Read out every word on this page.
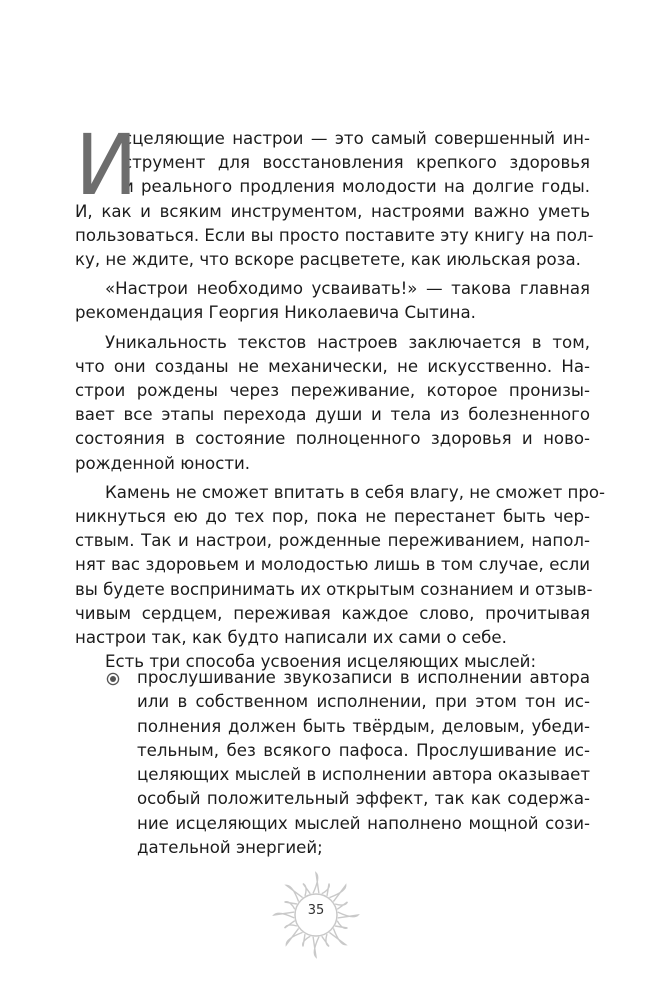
И
сцеляющие настрои — это самый совершенный ин-
струмент для восстановления крепкого здоровья
и реального продления молодости на долгие годы.
И, как и всяким инструментом, настроями важно уметь
пользоваться. Если вы просто поставите эту книгу на пол-
ку, не ждите, что вскоре расцветете, как июльская роза.
«Настрои необходимо усваивать!» — такова главная
рекомендация Георгия Николаевича Сытина.
Уникальность текстов настроев заключается в том,
что они созданы не механически, не искусственно. На-
строи рождены через переживание, которое пронизы-
вает все этапы перехода души и тела из болезненного
состояния в состояние полноценного здоровья и ново-
рожденной юности.
Камень не сможет впитать в себя влагу, не сможет про-
никнуться ею до тех пор, пока не перестанет быть чер-
ствым. Так и настрои, рожденные переживанием, напол-
нят вас здоровьем и молодостью лишь в том случае, если
вы будете воспринимать их открытым сознанием и отзыв-
чивым сердцем, переживая каждое слово, прочитывая
настрои так, как будто написали их сами о себе.
Есть три способа усвоения исцеляющих мыслей:
прослушивание звукозаписи в исполнении автора
или в собственном исполнении, при этом тон ис-
полнения должен быть твёрдым, деловым, убеди-
тельным, без всякого пафоса. Прослушивание ис-
целяющих мыслей в исполнении автора оказывает
особый положительный эффект, так как содержа-
ние исцеляющих мыслей наполнено мощной сози-
дательной энергией;
35
